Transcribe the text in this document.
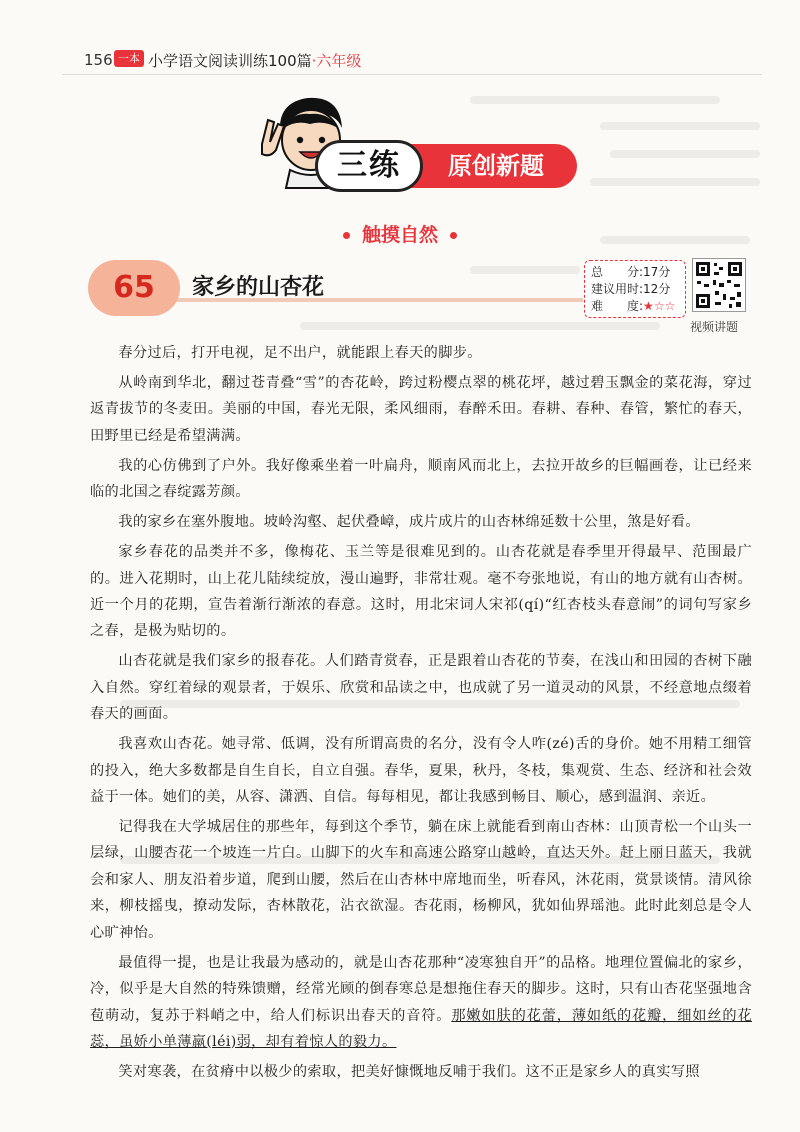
156 一本 小学语文阅读训练100篇·六年级
原创新题
三练
触摸自然
65	家乡的山杏花
总　　分:17分
建议用时:12分
难　　度:★☆☆
视频讲题

春分过后，打开电视，足不出户，就能跟上春天的脚步。

从岭南到华北，翻过苍青叠“雪”的杏花岭，跨过粉樱点翠的桃花坪，越过碧玉飘金的菜花海，穿过返青拔节的冬麦田。美丽的中国，春光无限，柔风细雨，春醉禾田。春耕、春种、春管，繁忙的春天，田野里已经是希望满满。

我的心仿佛到了户外。我好像乘坐着一叶扁舟，顺南风而北上，去拉开故乡的巨幅画卷，让已经来临的北国之春绽露芳颜。

我的家乡在塞外腹地。坡岭沟壑、起伏叠嶂，成片成片的山杏林绵延数十公里，煞是好看。

家乡春花的品类并不多，像梅花、玉兰等是很难见到的。山杏花就是春季里开得最早、范围最广的。进入花期时，山上花儿陆续绽放，漫山遍野，非常壮观。毫不夸张地说，有山的地方就有山杏树。近一个月的花期，宣告着渐行渐浓的春意。这时，用北宋词人宋祁(qí)“红杏枝头春意闹”的词句写家乡之春，是极为贴切的。

山杏花就是我们家乡的报春花。人们踏青赏春，正是跟着山杏花的节奏，在浅山和田园的杏树下融入自然。穿红着绿的观景者，于娱乐、欣赏和品读之中，也成就了另一道灵动的风景，不经意地点缀着春天的画面。

我喜欢山杏花。她寻常、低调，没有所谓高贵的名分，没有令人咋(zé)舌的身价。她不用精工细管的投入，绝大多数都是自生自长，自立自强。春华，夏果，秋丹，冬枝，集观赏、生态、经济和社会效益于一体。她们的美，从容、潇洒、自信。每每相见，都让我感到畅目、顺心，感到温润、亲近。

记得我在大学城居住的那些年，每到这个季节，躺在床上就能看到南山杏林：山顶青松一个山头一层绿，山腰杏花一个坡连一片白。山脚下的火车和高速公路穿山越岭，直达天外。赶上丽日蓝天，我就会和家人、朋友沿着步道，爬到山腰，然后在山杏林中席地而坐，听春风，沐花雨，赏景谈情。清风徐来，柳枝摇曳，撩动发际，杏林散花，沾衣欲湿。杏花雨，杨柳风，犹如仙界瑶池。此时此刻总是令人心旷神怡。

最值得一提，也是让我最为感动的，就是山杏花那种“凌寒独自开”的品格。地理位置偏北的家乡，冷，似乎是大自然的特殊馈赠，经常光顾的倒春寒总是想拖住春天的脚步。这时，只有山杏花坚强地含苞萌动，复苏于料峭之中，给人们标识出春天的音符。那嫩如肤的花蕾，薄如纸的花瓣，细如丝的花蕊，虽娇小单薄羸(léi)弱，却有着惊人的毅力。

笑对寒袭，在贫瘠中以极少的索取，把美好慷慨地反哺于我们。这不正是家乡人的真实写照
